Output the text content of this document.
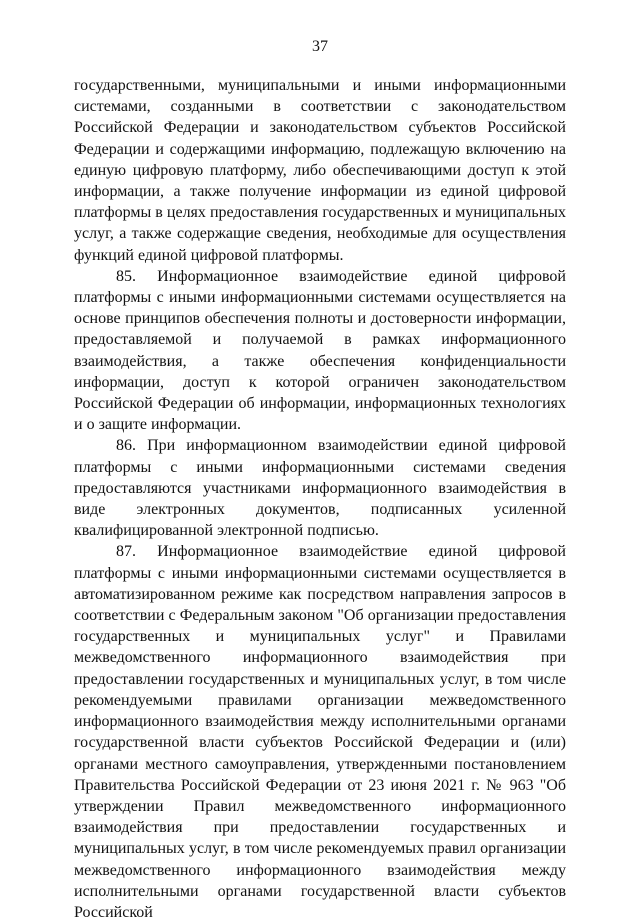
37

государственными, муниципальными и иными информационными системами, созданными в соответствии с законодательством Российской Федерации и законодательством субъектов Российской Федерации и содержащими информацию, подлежащую включению на единую цифровую платформу, либо обеспечивающими доступ к этой информации, а также получение информации из единой цифровой платформы в целях предоставления государственных и муниципальных услуг, а также содержащие сведения, необходимые для осуществления функций единой цифровой платформы.

85. Информационное взаимодействие единой цифровой платформы с иными информационными системами осуществляется на основе принципов обеспечения полноты и достоверности информации, предоставляемой и получаемой в рамках информационного взаимодействия, а также обеспечения конфиденциальности информации, доступ к которой ограничен законодательством Российской Федерации об информации, информационных технологиях и о защите информации.

86. При информационном взаимодействии единой цифровой платформы с иными информационными системами сведения предоставляются участниками информационного взаимодействия в виде электронных документов, подписанных усиленной квалифицированной электронной подписью.

87. Информационное взаимодействие единой цифровой платформы с иными информационными системами осуществляется в автоматизированном режиме как посредством направления запросов в соответствии с Федеральным законом "Об организации предоставления государственных и муниципальных услуг" и Правилами межведомственного информационного взаимодействия при предоставлении государственных и муниципальных услуг, в том числе рекомендуемыми правилами организации межведомственного информационного взаимодействия между исполнительными органами государственной власти субъектов Российской Федерации и (или) органами местного самоуправления, утвержденными постановлением Правительства Российской Федерации от 23 июня 2021 г. № 963 "Об утверждении Правил межведомственного информационного взаимодействия при предоставлении государственных и муниципальных услуг, в том числе рекомендуемых правил организации межведомственного информационного взаимодействия между исполнительными органами государственной власти субъектов Российской
